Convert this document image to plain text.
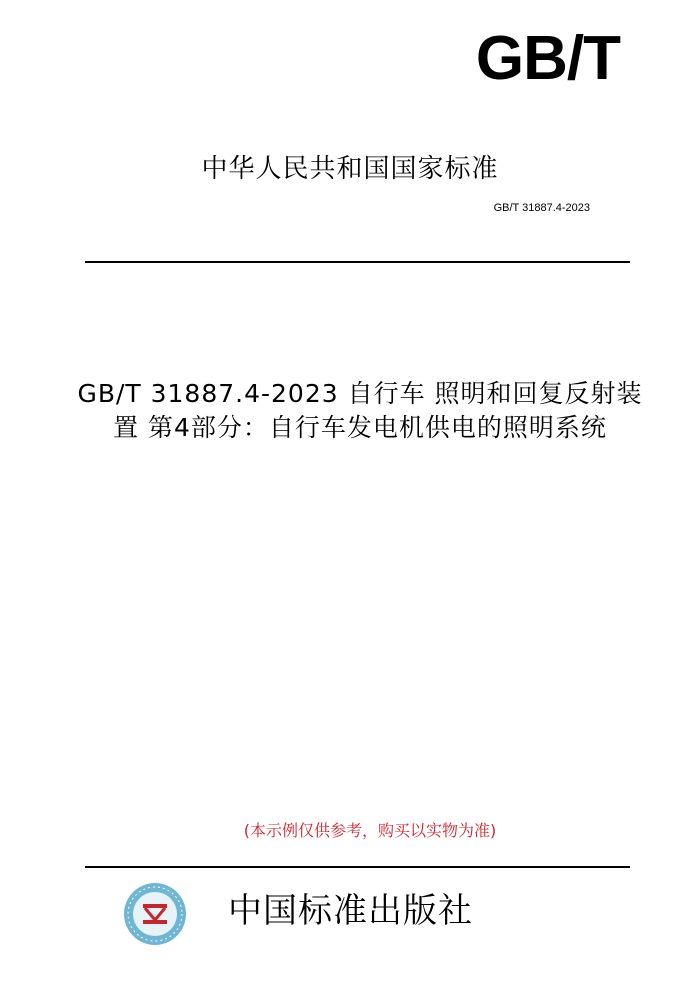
GB/T
中华人民共和国国家标准
GB/T 31887.4-2023
GB/T 31887.4-2023 自行车 照明和回复反射装
置 第4部分：自行车发电机供电的照明系统
(本示例仅供参考，购买以实物为准)
中国标准出版社
